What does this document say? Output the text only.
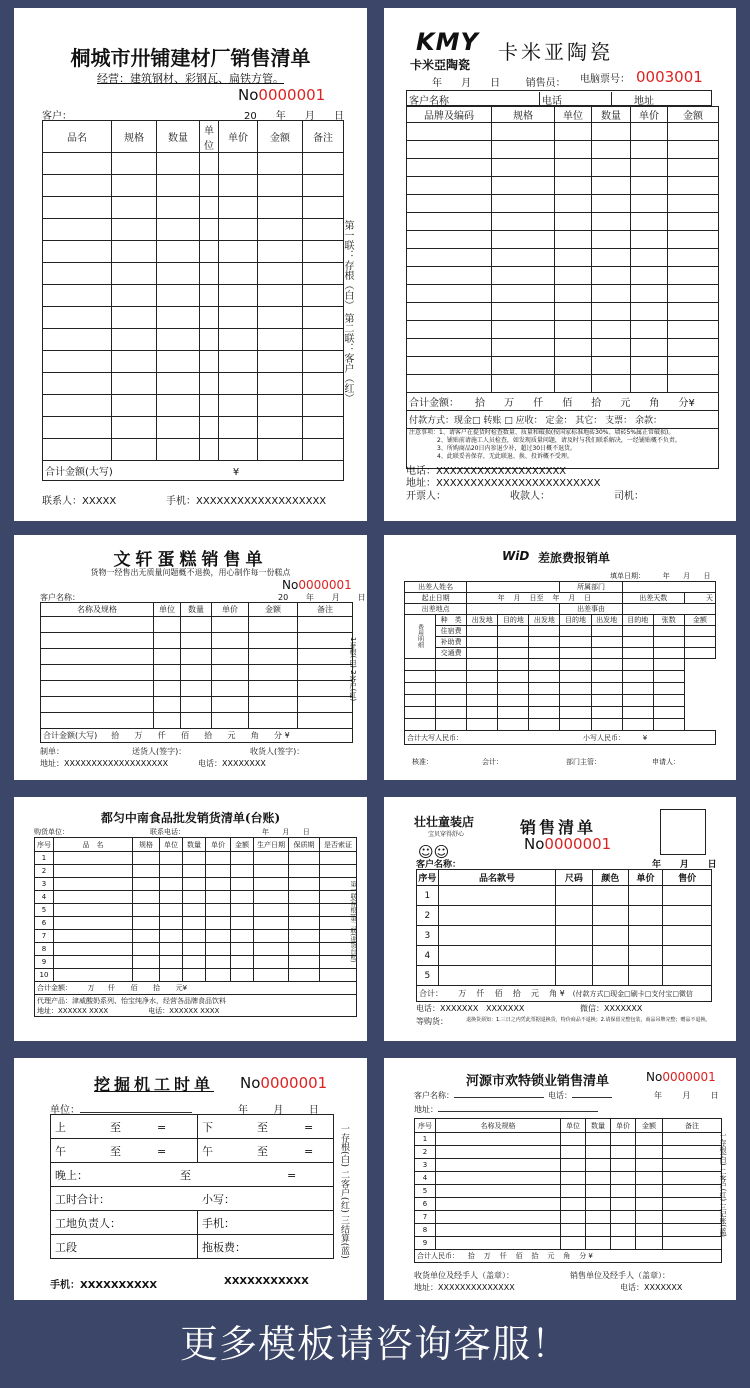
桐城市卅铺建材厂销售清单
经营：建筑钢材、彩钢瓦、扁铁方管。
No0000001
客户：	20      年      月      日
品名	规格	数量	单位	单价	金额	备注

合计金额(大写) ¥						
第一联：存根（白） 第二联：客户（红）
联系人：XXXXX	手机：XXXXXXXXXXXXXXXXXXX
KMY
卡米亞陶瓷
卡米亚陶瓷
年      月      日        销售员： 电脑票号： 0003001
客户名称	电话	地址
品牌及编码	规格	单位	数量	单价	金额

合计金额： 拾      万      仟      佰      拾      元      角      分¥					
付款方式：现金□ 转账 □ 应收： 定金： 其它： 支票： 余款：					

注意事项：1、请客户在提货时检查数量、质量和破损(按国家标准地砖30%、墙砖5%属正常破损)。
2、铺贴前请施工人员检查，如发现质量问题，请及时与我们联系解决，一经铺贴概不负责。
3、所购商品20日内参退少补，超过30日概不退货。
4、此联妥善保存，无此联退、换、投诉概不受理。					
电话：XXXXXXXXXXXXXXXXXXX
地址：XXXXXXXXXXXXXXXXXXXXXXXX
开票人：	收款人：	司机：
文轩蛋糕销售单
货物一经售出无质量问题概不退换，用心制作每一份糕点
No0000001
客户名称：	20       年       月       日
名称及规格	单位	数量	单价	金额	备注

合计金额(大写) 拾      万      仟      佰      拾      元      角      分 ¥					
1存根(白) 2客户(红)
制单：	送货人(签字)：	收货人(签字)：
地址：XXXXXXXXXXXXXXXXXXX	电话：XXXXXXXX
WiD 差旅费报销单
填单日期：        年      月      日
出差人姓名					所属部门				
起止日期		年    月    日至    年    月    日					出差天数		天
出差地点					出差事由				
费用明细	种　类	出发地	目的地	出发地	目的地	出发地	目的地	张数	金额
	住宿费								
	补助费								
	交通费								

合计大写人民币： 小写人民币：        ¥									
核准：	会计：	部门主管：	申请人：
都匀中南食品批发销货清单(台账)
购货单位：	联系电话：	年      月      日
序号	品　名	规格	单位	数量	单价	金额	生产日期	保质期	是否索证
1									
2									
3									
4									
5									
6									
7									
8									
9									
10									
合计金额：       万      仟       佰       拾       元¥									

代理产品：津威酸奶系列、怡宝纯净水，经营各品牌食品饮料
地址：XXXXXX XXXX 电话：XXXXXX XXXX									
第一联(存根)第二联(进货台账)
壮壮童装店
宝贝穿得舒心
☺☺
销售清单
No0000001
客户名称：	年      月      日
序号	品名款号	尺码	颜色	单价	售价
1					
2					
3					
4					
5					
合计：      万    仟    佰    拾    元    角 ¥ (付款方式□现金□刷卡□支付宝□微信					
电话：XXXXXXX   XXXXXXX	微信：XXXXXXX
等购货：	退换货须知：1.三日之内凭此票据退换货，特价商品不退换；2.请保留完整包装，商品吊牌完整；赠品不退换。
挖掘机工时单 No0000001
单位：	年        月        日
上 至 =	下 至 =
午 至 =	午 至 =
晚上： 至 =	
工时合计： 小写：	
工地负责人：	手机：
工段	拖板费：	一存根(白) 二客户(红) 三结算(蓝)
手机：XXXXXXXXXX	XXXXXXXXXXX
河源市欢特锁业销售清单	No0000001
客户名称：	电话：	年        月        日
地址：
序号	名称及规格	单位	数量	单价	金额	备注
1						
2						
3						
4						
5						
6						
7						
8						
9						
合计人民币：    拾    万    仟    佰    拾    元    角    分 ¥						
一存根(白) 二客户(红) 三记账(蓝)
收货单位及经手人（盖章）：	销售单位及经手人（盖章）：
地址：XXXXXXXXXXXXXX	电话：XXXXXXX
更多模板请咨询客服！
